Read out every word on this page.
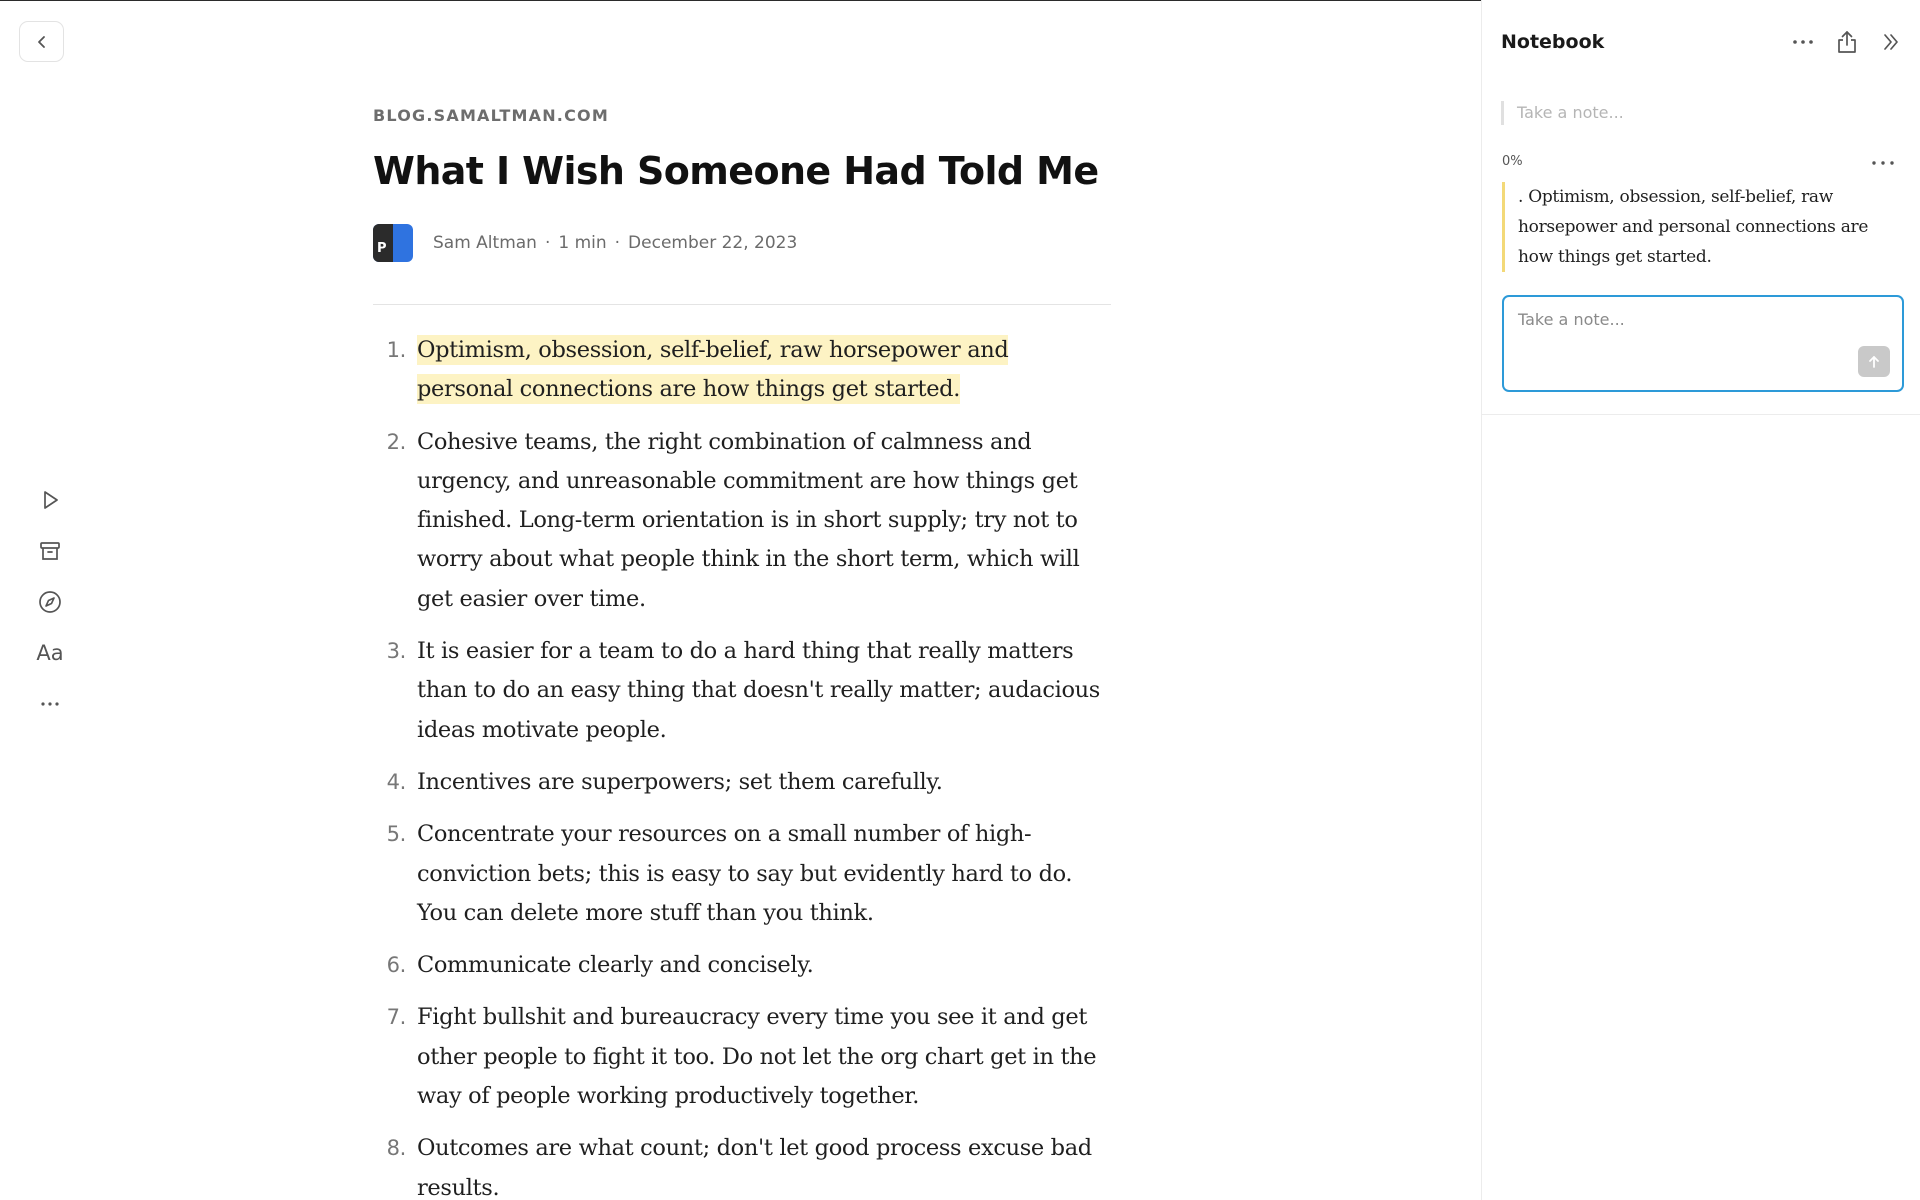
Aa
BLOG.SAMALTMAN.COM
What I Wish Someone Had Told Me
P	Sam Altman · 1 min · December 22, 2023
1. Optimism, obsession, self-belief, raw horsepower and personal connections are how things get started.
2. Cohesive teams, the right combination of calmness and urgency, and unreasonable commitment are how things get finished. Long-term orientation is in short supply; try not to worry about what people think in the short term, which will get easier over time.
3. It is easier for a team to do a hard thing that really matters than to do an easy thing that doesn't really matter; audacious ideas motivate people.
4. Incentives are superpowers; set them carefully.
5. Concentrate your resources on a small number of high-conviction bets; this is easy to say but evidently hard to do. You can delete more stuff than you think.
6. Communicate clearly and concisely.
7. Fight bullshit and bureaucracy every time you see it and get other people to fight it too. Do not let the org chart get in the way of people working productively together.
8. Outcomes are what count; don't let good process excuse bad results.
Notebook
Take a note...
0%
. Optimism, obsession, self-belief, raw horsepower and personal connections are how things get started.
Take a note...
